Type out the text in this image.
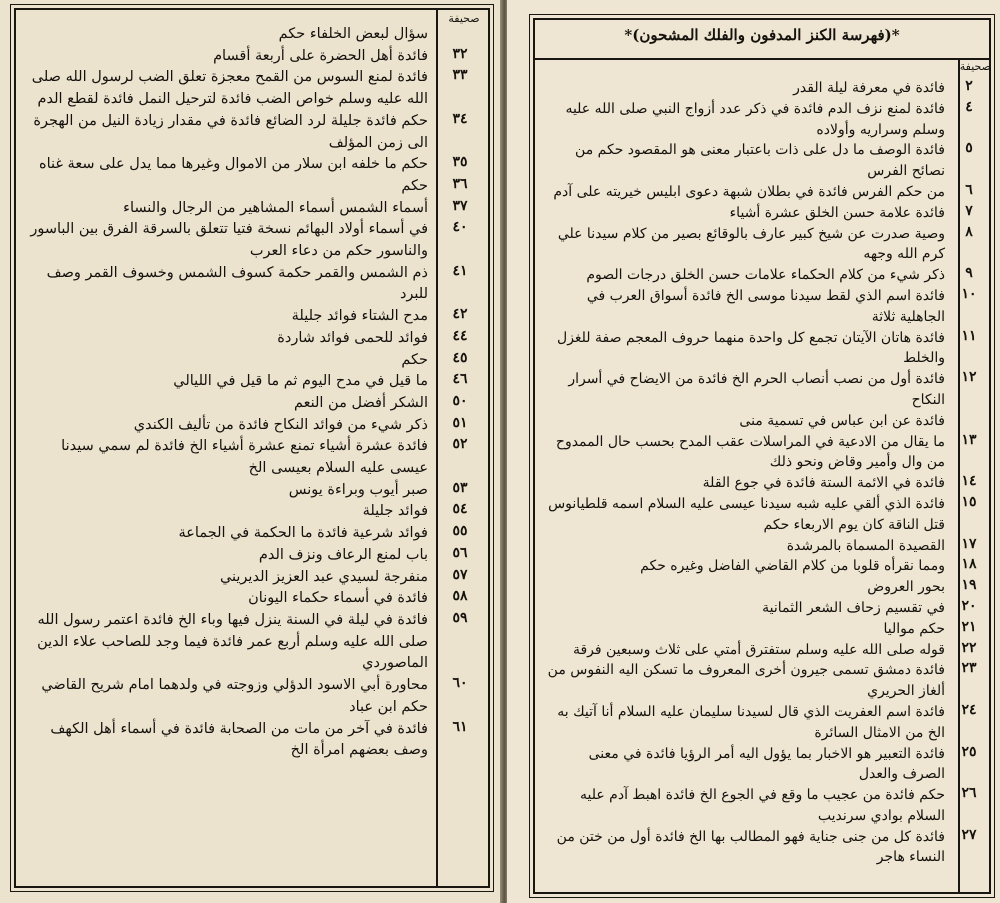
صحيفة
سؤال لبعض الخلفاء حكم
٣٢
فائدة أهل الحضرة على أربعة أقسام
٣٣
فائدة لمنع السوس من القمح معجزة تعلق الضب لرسول الله صلى الله عليه وسلم خواص الضب فائدة لترحيل النمل فائدة لقطع الدم
٣٤
حكم فائدة جليلة لرد الضائع فائدة في مقدار زيادة النيل من الهجرة الى زمن المؤلف
٣٥
حكم ما خلفه ابن سلار من الاموال وغيرها مما يدل على سعة غناه
٣٦
حكم
٣٧
أسماء الشمس أسماء المشاهير من الرجال والنساء
٤٠
في أسماء أولاد البهائم نسخة فتيا تتعلق بالسرقة الفرق بين الباسور والناسور حكم من دعاء العرب
٤١
ذم الشمس والقمر حكمة كسوف الشمس وخسوف القمر وصف للبرد
٤٢
مدح الشتاء فوائد جليلة
٤٤
فوائد للحمى فوائد شاردة
٤٥
حكم
٤٦
ما قيل في مدح اليوم ثم ما قيل في الليالي
٥٠
الشكر أفضل من النعم
٥١
ذكر شيء من فوائد النكاح فائدة من تأليف الكندي
٥٢
فائدة عشرة أشياء تمنع عشرة أشياء الخ فائدة لم سمي سيدنا عيسى عليه السلام بعيسى الخ
٥٣
صبر أيوب وبراءة يونس
٥٤
فوائد جليلة
٥٥
فوائد شرعية فائدة ما الحكمة في الجماعة
٥٦
باب لمنع الرعاف ونزف الدم
٥٧
منفرجة لسيدي عبد العزيز الديريني
٥٨
فائدة في أسماء حكماء اليونان
٥٩
فائدة في ليلة في السنة ينزل فيها وباء الخ فائدة اعتمر رسول الله صلى الله عليه وسلم أربع عمر فائدة فيما وجد للصاحب علاء الدين الماصوردي
٦٠
محاورة أبي الاسود الدؤلي وزوجته في ولدهما امام شريح القاضي حكم ابن عباد
٦١
فائدة في آخر من مات من الصحابة فائدة في أسماء أهل الكهف وصف بعضهم امرأة الخ
*(فهرسة الكنز المدفون والفلك المشحون)*
صحيفة
٢
فائدة في معرفة ليلة القدر
٤
فائدة لمنع نزف الدم فائدة في ذكر عدد أزواج النبي صلى الله عليه وسلم وسراريه وأولاده
٥
فائدة الوصف ما دل على ذات باعتبار معنى هو المقصود حكم من نصائح الفرس
٦
من حكم الفرس فائدة في بطلان شبهة دعوى ابليس خيريته على آدم
٧
فائدة علامة حسن الخلق عشرة أشياء
٨
وصية صدرت عن شيخ كبير عارف بالوقائع بصير من كلام سيدنا علي كرم الله وجهه
٩
ذكر شيء من كلام الحكماء علامات حسن الخلق درجات الصوم
١٠
فائدة اسم الذي لقط سيدنا موسى الخ فائدة أسواق العرب في الجاهلية ثلاثة
١١
فائدة هاتان الآيتان تجمع كل واحدة منهما حروف المعجم صفة للغزل والخلط
١٢
فائدة أول من نصب أنصاب الحرم الخ فائدة من الايضاح في أسرار النكاح
فائدة عن ابن عباس في تسمية منى
١٣
ما يقال من الادعية في المراسلات عقب المدح بحسب حال الممدوح من وال وأمير وقاض ونحو ذلك
١٤
فائدة في الائمة الستة فائدة في جوع القلة
١٥
فائدة الذي ألقي عليه شبه سيدنا عيسى عليه السلام اسمه قلطيانوس قتل الناقة كان يوم الاربعاء حكم
١٧
القصيدة المسماة بالمرشدة
١٨
ومما نقرأه قلوبا من كلام القاضي الفاضل وغيره حكم
١٩
بحور العروض
٢٠
في تقسيم زحاف الشعر الثمانية
٢١
حكم مواليا
٢٢
قوله صلى الله عليه وسلم ستفترق أمتي على ثلاث وسبعين فرقة
٢٣
فائدة دمشق تسمى جيرون أخرى المعروف ما تسكن اليه النفوس من ألغاز الحريري
٢٤
فائدة اسم العفريت الذي قال لسيدنا سليمان عليه السلام أنا آتيك به الخ من الامثال السائرة
٢٥
فائدة التعبير هو الاخبار بما يؤول اليه أمر الرؤيا فائدة في معنى الصرف والعدل
٢٦
حكم فائدة من عجيب ما وقع في الجوع الخ فائدة اهبط آدم عليه السلام بوادي سرنديب
٢٧
فائدة كل من جنى جناية فهو المطالب بها الخ فائدة أول من ختن من النساء هاجر
